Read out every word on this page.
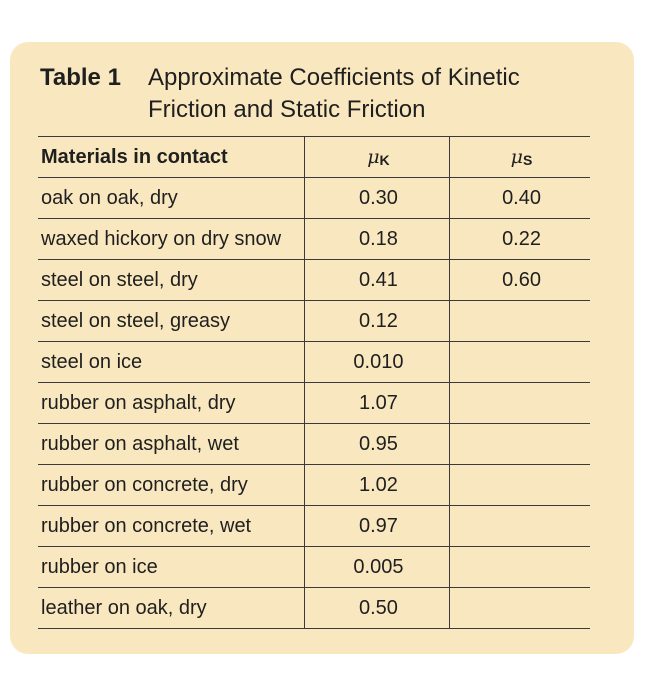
Table 1 Approximate Coefficients of Kinetic Friction and Static Friction
Materials in contact	μK	μS
oak on oak, dry	0.30	0.40
waxed hickory on dry snow	0.18	0.22
steel on steel, dry	0.41	0.60
steel on steel, greasy	0.12	
steel on ice	0.010	
rubber on asphalt, dry	1.07	
rubber on asphalt, wet	0.95	
rubber on concrete, dry	1.02	
rubber on concrete, wet	0.97	
rubber on ice	0.005	
leather on oak, dry	0.50	
